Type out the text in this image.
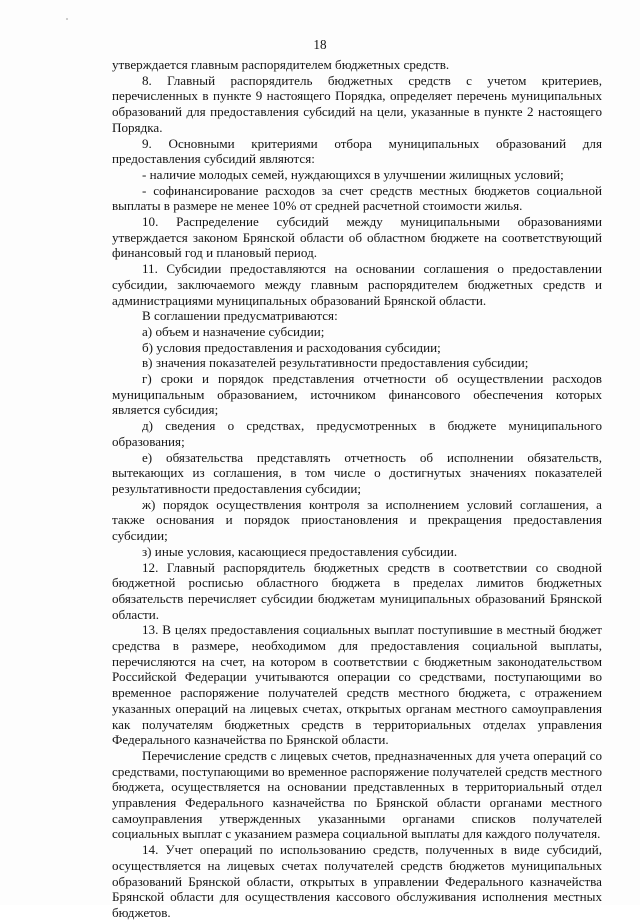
18

утверждается главным распорядителем бюджетных средств.

8. Главный распорядитель бюджетных средств с учетом критериев, перечисленных в пункте 9 настоящего Порядка, определяет перечень муниципальных образований для предоставления субсидий на цели, указанные в пункте 2 настоящего Порядка.

9. Основными критериями отбора муниципальных образований для предоставления субсидий являются:

- наличие молодых семей, нуждающихся в улучшении жилищных условий;

- софинансирование расходов за счет средств местных бюджетов социальной выплаты в размере не менее 10% от средней расчетной стоимости жилья.

10. Распределение субсидий между муниципальными образованиями утверждается законом Брянской области об областном бюджете на соответствующий финансовый год и плановый период.

11. Субсидии предоставляются на основании соглашения о предоставлении субсидии, заключаемого между главным распорядителем бюджетных средств и администрациями муниципальных образований Брянской области.

В соглашении предусматриваются:

а) объем и назначение субсидии;

б) условия предоставления и расходования субсидии;

в) значения показателей результативности предоставления субсидии;

г) сроки и порядок представления отчетности об осуществлении расходов муниципальным образованием, источником финансового обеспечения которых является субсидия;

д) сведения о средствах, предусмотренных в бюджете муниципального образования;

е) обязательства представлять отчетность об исполнении обязательств, вытекающих из соглашения, в том числе о достигнутых значениях показателей результативности предоставления субсидии;

ж) порядок осуществления контроля за исполнением условий соглашения, а также основания и порядок приостановления и прекращения предоставления субсидии;

з) иные условия, касающиеся предоставления субсидии.

12. Главный распорядитель бюджетных средств в соответствии со сводной бюджетной росписью областного бюджета в пределах лимитов бюджетных обязательств перечисляет субсидии бюджетам муниципальных образований Брянской области.

13. В целях предоставления социальных выплат поступившие в местный бюджет средства в размере, необходимом для предоставления социальной выплаты, перечисляются на счет, на котором в соответствии с бюджетным законодательством Российской Федерации учитываются операции со средствами, поступающими во временное распоряжение получателей средств местного бюджета, с отражением указанных операций на лицевых счетах, открытых органам местного самоуправления как получателям бюджетных средств в территориальных отделах управления Федерального казначейства по Брянской области.

Перечисление средств с лицевых счетов, предназначенных для учета операций со средствами, поступающими во временное распоряжение получателей средств местного бюджета, осуществляется на основании представленных в территориальный отдел управления Федерального казначейства по Брянской области органами местного самоуправления утвержденных указанными органами списков получателей социальных выплат с указанием размера социальной выплаты для каждого получателя.

14. Учет операций по использованию средств, полученных в виде субсидий, осуществляется на лицевых счетах получателей средств бюджетов муниципальных образований Брянской области, открытых в управлении Федерального казначейства Брянской области для осуществления кассового обслуживания исполнения местных бюджетов.
